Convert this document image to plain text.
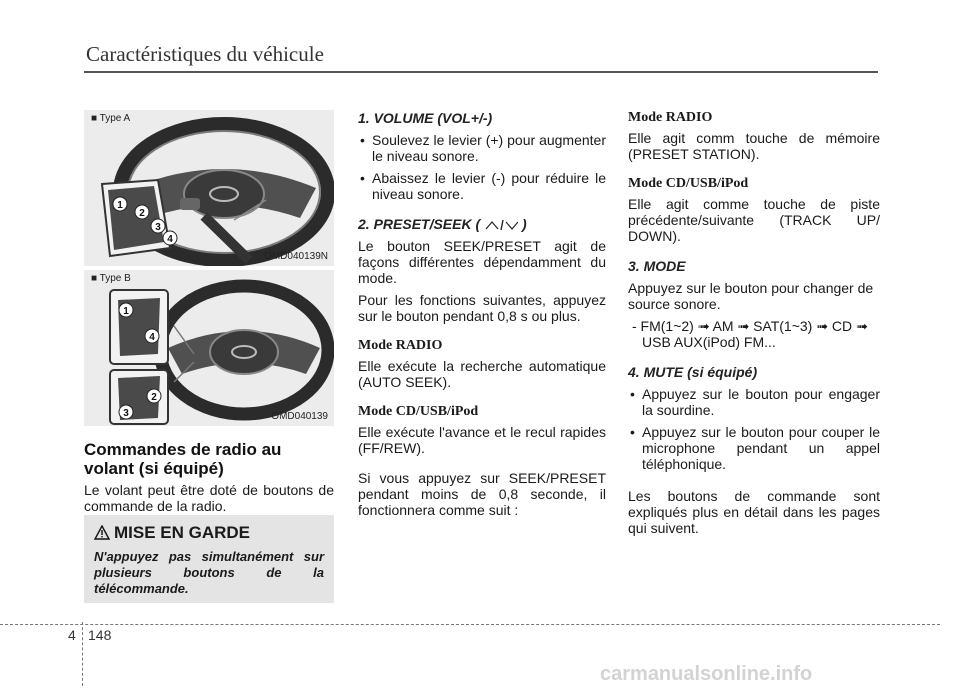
Caractéristiques du véhicule
■ Type A
1
2
3
4
OMD040139N
■ Type B
1
4
2
3	OMD040139
Commandes de radio au volant (si équipé)

Le volant peut être doté de boutons de commande de la radio.

MISE EN GARDE
N'appuyez pas simultanément sur plusieurs boutons de la télécommande.
1. VOLUME (VOL+/-)
• Soulevez le levier (+) pour augmenter le niveau sonore.
• Abaissez le levier (-) pour réduire le niveau sonore.
2. PRESET/SEEK (	)

Le bouton SEEK/PRESET agit de façons différentes dépendamment du mode.

Pour les fonctions suivantes, appuyez sur le bouton pendant 0,8 s ou plus.

Mode RADIO

Elle exécute la recherche automatique (AUTO SEEK).

Mode CD/USB/iPod

Elle exécute l'avance et le recul rapides (FF/REW).

Si vous appuyez sur SEEK/PRESET pendant moins de 0,8 seconde, il fonctionnera comme suit :

Mode RADIO

Elle agit comm touche de mémoire (PRESET STATION).

Mode CD/USB/iPod

Elle agit comme touche de piste précédente/suivante (TRACK UP/ DOWN).

3. MODE

Appuyez sur le bouton pour changer de source sonore.

- FM(1~2) ➟ AM ➟ SAT(1~3) ➟ CD ➟ USB AUX(iPod) FM...
4. MUTE (si équipé)
• Appuyez sur le bouton pour engager la sourdine.
• Appuyez sur le bouton pour couper le microphone pendant un appel téléphonique.

Les boutons de commande sont expliqués plus en détail dans les pages qui suivent.

4 148
carmanualsonline.info
